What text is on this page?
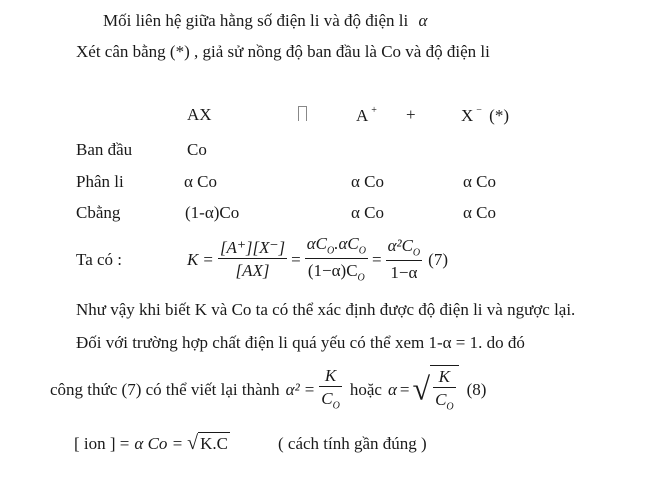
Mối liên hệ giữa hằng số điện li và độ điện li α
Xét cân bằng (*) , giả sử nồng độ ban đầu là Co và độ điện li
AX	A + +	X − (*)
Ban đầu	Co
Phân li	α Co	α Co	α Co
Cbằng	(1-α)Co	α Co	α Co
Ta có :	$K = \frac{[A^+][X^-]}{[AX]} = \frac{\alpha C_O.\alpha C_O}{(1-\alpha)C_O} = \frac{\alpha^2C_O}{1-\alpha} (7)$
Như vậy khi biết K và Co ta có thể xác định được độ điện li và ngược lại.
Đối với trường hợp chất điện li quá yếu có thể xem 1-α = 1. do đó
công thức (7) có thể viết lại thành $\alpha^2 = \frac{K}{C_O}$ hoặc α = √ $\frac{K}{C_O} (8)$
[ ion ] = α Co = √ K.C	( cách tính gần đúng )
